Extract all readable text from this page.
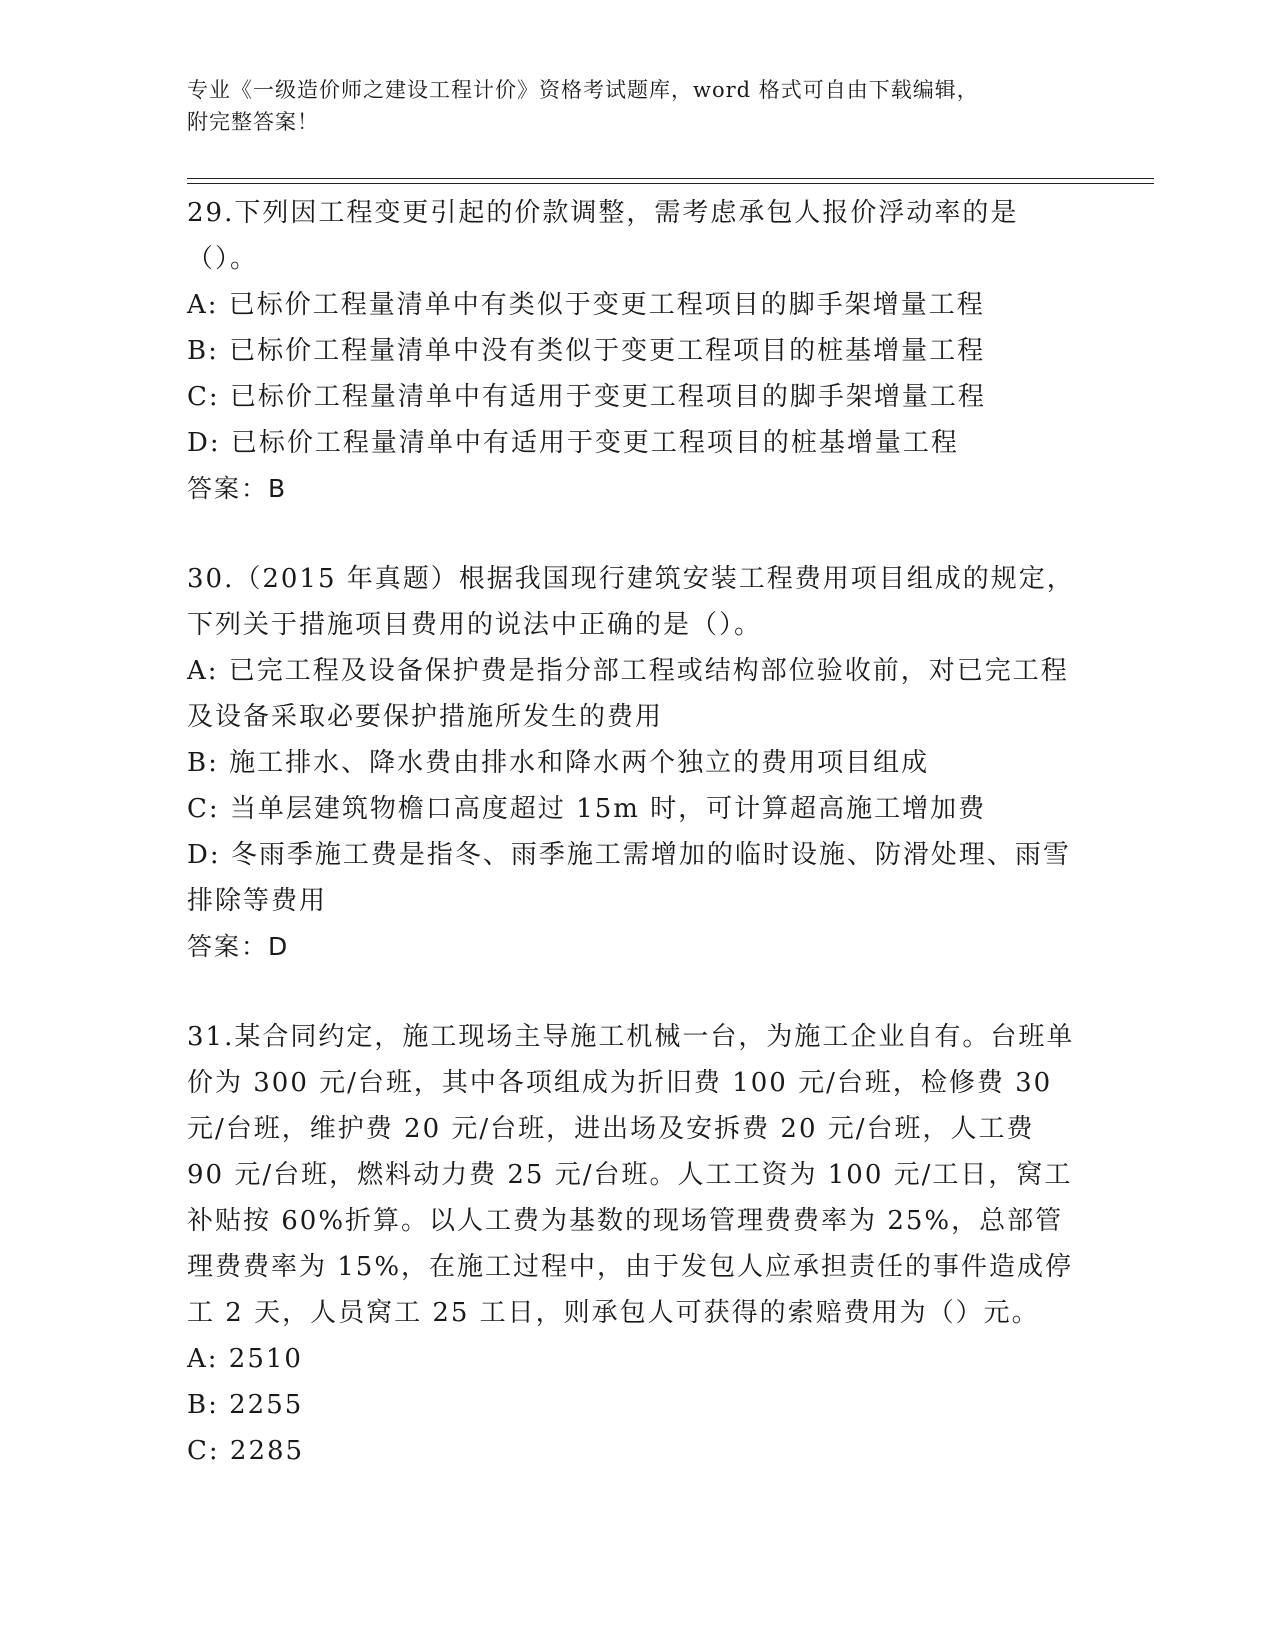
专业《一级造价师之建设工程计价》资格考试题库，word 格式可自由下载编辑，
附完整答案！

29.下列因工程变更引起的价款调整，需考虑承包人报价浮动率的是（）。

A: 已标价工程量清单中有类似于变更工程项目的脚手架增量工程

B: 已标价工程量清单中没有类似于变更工程项目的桩基增量工程

C: 已标价工程量清单中有适用于变更工程项目的脚手架增量工程

D: 已标价工程量清单中有适用于变更工程项目的桩基增量工程

答案：B

30.（2015 年真题）根据我国现行建筑安装工程费用项目组成的规定，下列关于措施项目费用的说法中正确的是（）。

A: 已完工程及设备保护费是指分部工程或结构部位验收前，对已完工程及设备采取必要保护措施所发生的费用

B: 施工排水、降水费由排水和降水两个独立的费用项目组成

C: 当单层建筑物檐口高度超过 15m 时，可计算超高施工增加费

D: 冬雨季施工费是指冬、雨季施工需增加的临时设施、防滑处理、雨雪排除等费用

答案：D

31.某合同约定，施工现场主导施工机械一台，为施工企业自有。台班单价为 300 元/台班，其中各项组成为折旧费 100 元/台班，检修费 30 元/台班，维护费 20 元/台班，进出场及安拆费 20 元/台班，人工费 90 元/台班，燃料动力费 25 元/台班。人工工资为 100 元/工日，窝工补贴按 60%折算。以人工费为基数的现场管理费费率为 25%，总部管理费费率为 15%，在施工过程中，由于发包人应承担责任的事件造成停工 2 天，人员窝工 25 工日，则承包人可获得的索赔费用为（）元。

A: 2510

B: 2255

C: 2285
